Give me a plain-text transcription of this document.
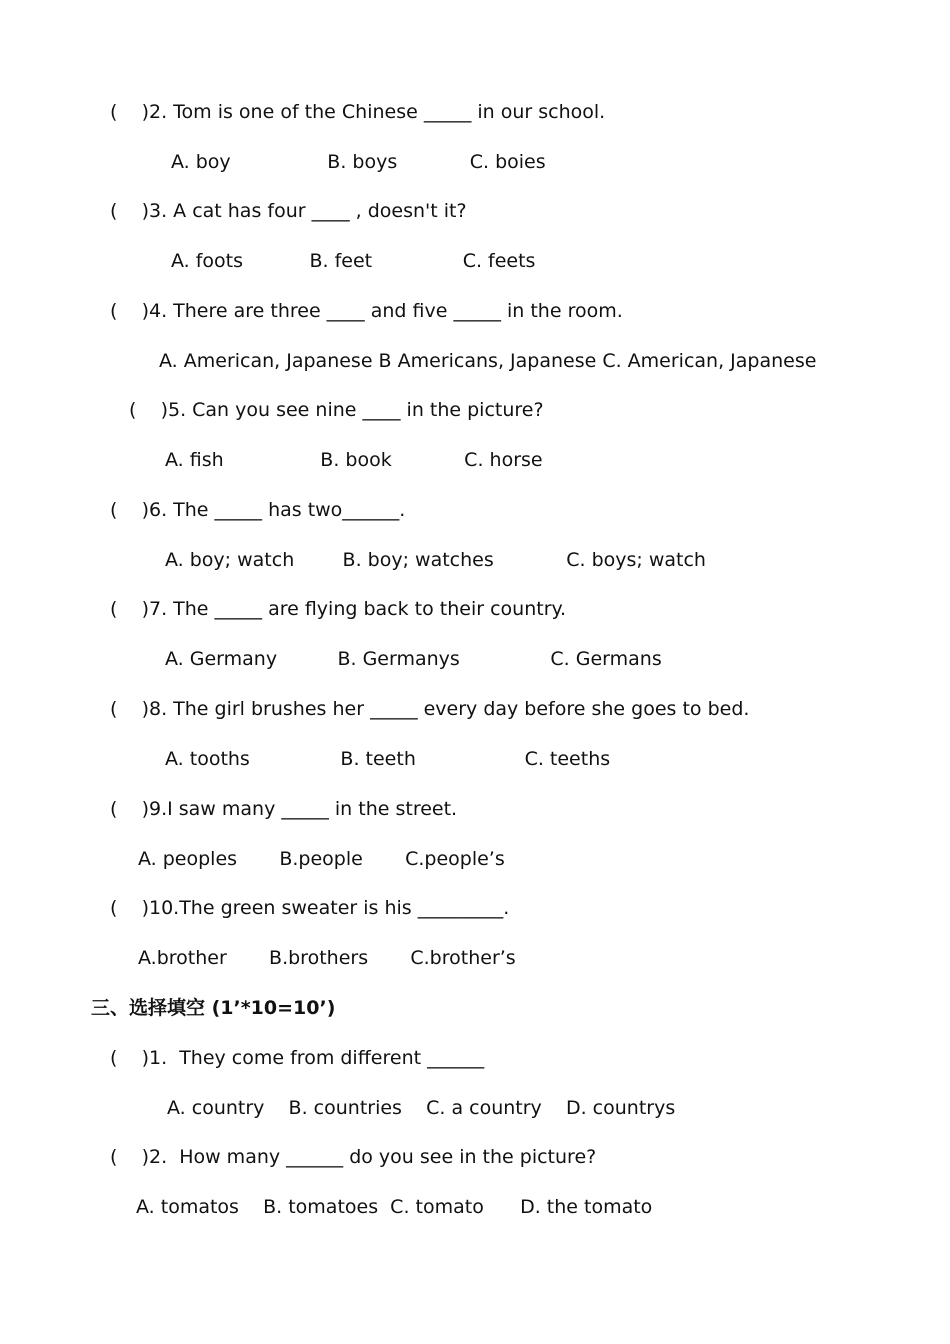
(    )2. Tom is one of the Chinese _____ in our school.
A. boy                B. boys            C. boies
(    )3. A cat has four ____ , doesn't it?
A. foots           B. feet               C. feets
(    )4. There are three ____ and five _____ in the room.
A. American, Japanese B Americans, Japanese C. American, Japanese
(    )5. Can you see nine ____ in the picture?
A. fish                B. book            C. horse
(    )6. The _____ has two______.
A. boy; watch        B. boy; watches            C. boys; watch
(    )7. The _____ are flying back to their country.
A. Germany          B. Germanys               C. Germans
(    )8. The girl brushes her _____ every day before she goes to bed.
A. tooths               B. teeth                  C. teeths
(    )9.I saw many _____ in the street.
A. peoples       B.people       C.people’s
(    )10.The green sweater is his _________.
A.brother       B.brothers       C.brother’s
三、选择填空 (1’*10=10’)
(    )1.  They come from different ______
A. country    B. countries    C. a country    D. countrys
(    )2.  How many ______ do you see in the picture?
A. tomatos    B. tomatoes  C. tomato      D. the tomato
